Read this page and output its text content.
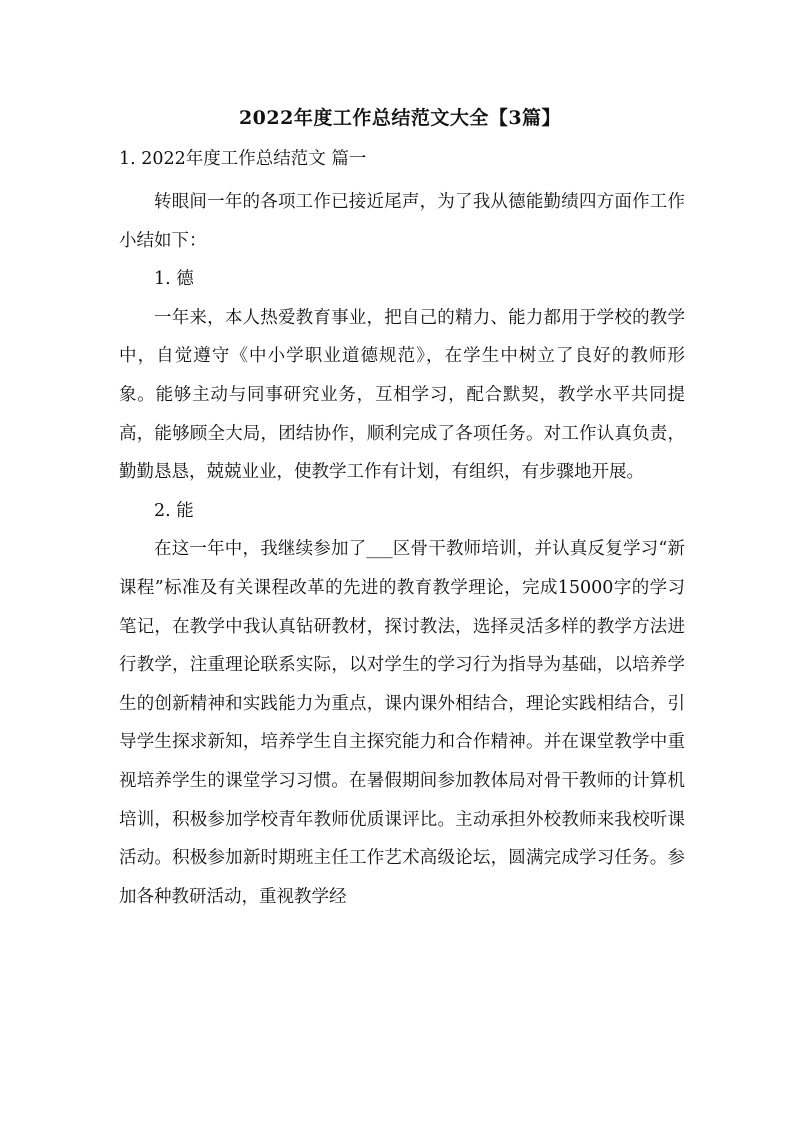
2022年度工作总结范文大全【3篇】
1. 2022年度工作总结范文 篇一

转眼间一年的各项工作已接近尾声，为了我从德能勤绩四方面作工作小结如下：

1. 德

一年来，本人热爱教育事业，把自己的精力、能力都用于学校的教学中，自觉遵守《中小学职业道德规范》，在学生中树立了良好的教师形象。能够主动与同事研究业务，互相学习，配合默契，教学水平共同提高，能够顾全大局，团结协作，顺利完成了各项任务。对工作认真负责，勤勤恳恳，兢兢业业，使教学工作有计划，有组织，有步骤地开展。

2. 能

在这一年中，我继续参加了___区骨干教师培训，并认真反复学习“新课程”标准及有关课程改革的先进的教育教学理论，完成15000字的学习笔记，在教学中我认真钻研教材，探讨教法，选择灵活多样的教学方法进行教学，注重理论联系实际，以对学生的学习行为指导为基础，以培养学生的创新精神和实践能力为重点，课内课外相结合，理论实践相结合，引导学生探求新知，培养学生自主探究能力和合作精神。并在课堂教学中重视培养学生的课堂学习习惯。在暑假期间参加教体局对骨干教师的计算机培训，积极参加学校青年教师优质课评比。主动承担外校教师来我校听课活动。积极参加新时期班主任工作艺术高级论坛，圆满完成学习任务。参加各种教研活动，重视教学经
